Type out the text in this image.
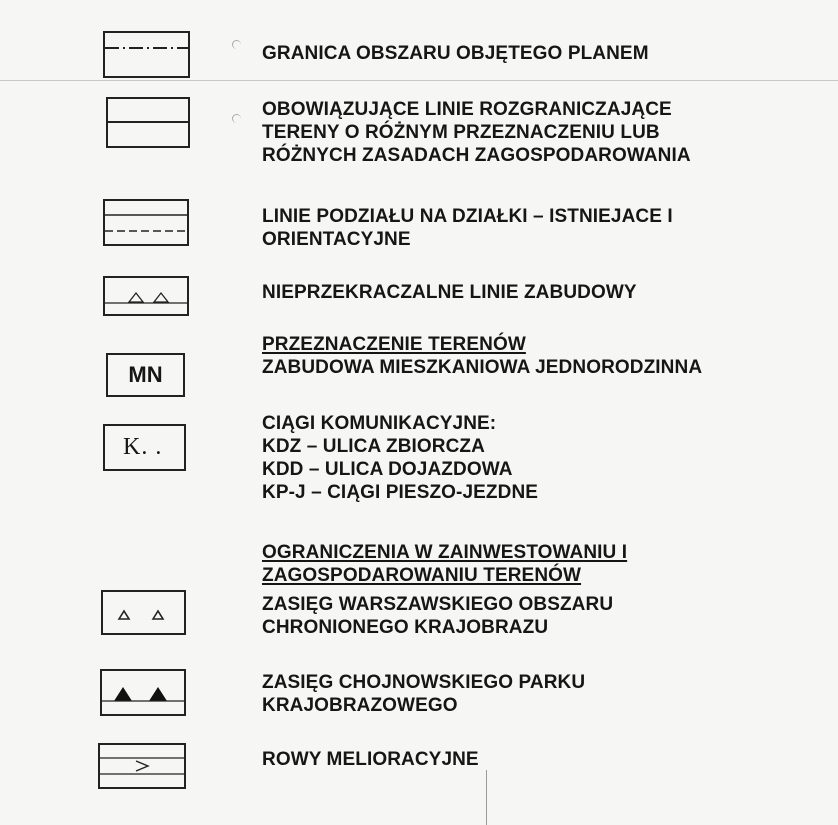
GRANICA OBSZARU OBJĘTEGO PLANEM
OBOWIĄZUJĄCE LINIE ROZGRANICZAJĄCE
TERENY O RÓŻNYM PRZEZNACZENIU LUB
RÓŻNYCH ZASADACH ZAGOSPODAROWANIA
LINIE PODZIAŁU NA DZIAŁKI – ISTNIEJACE I
ORIENTACYJNE
NIEPRZEKRACZALNE LINIE ZABUDOWY
MN
PRZEZNACZENIE TERENÓW
ZABUDOWA MIESZKANIOWA JEDNORODZINNA
K. .
CIĄGI KOMUNIKACYJNE:
KDZ – ULICA ZBIORCZA
KDD – ULICA DOJAZDOWA
KP-J – CIĄGI PIESZO-JEZDNE
OGRANICZENIA W ZAINWESTOWANIU I
ZAGOSPODAROWANIU TERENÓW
ZASIĘG WARSZAWSKIEGO OBSZARU
CHRONIONEGO KRAJOBRAZU
ZASIĘG CHOJNOWSKIEGO PARKU
KRAJOBRAZOWEGO
ROWY MELIORACYJNE
